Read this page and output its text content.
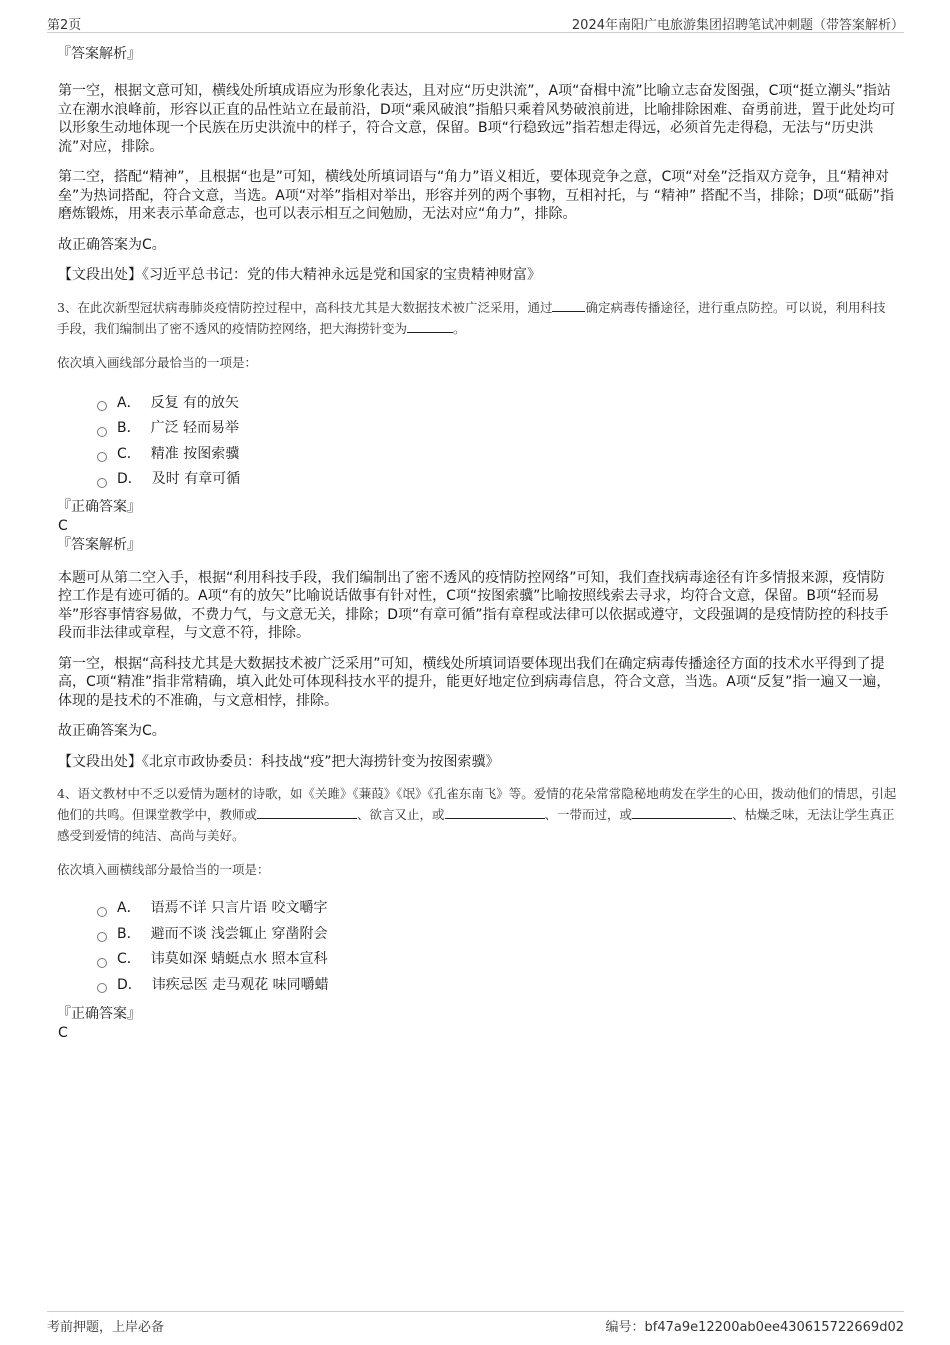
第2页	2024年南阳广电旅游集团招聘笔试冲刺题（带答案解析）

『答案解析』

第一空，根据文意可知，横线处所填成语应为形象化表达，且对应“历史洪流”，A项“奋楫中流”比喻立志奋发图强，C项“挺立潮头”指站立在潮水浪峰前，形容以正直的品性站立在最前沿，D项“乘风破浪”指船只乘着风势破浪前进，比喻排除困难、奋勇前进，置于此处均可以形象生动地体现一个民族在历史洪流中的样子，符合文意，保留。B项“行稳致远”指若想走得远，必须首先走得稳，无法与“历史洪流”对应，排除。

第二空，搭配“精神”，且根据“也是”可知，横线处所填词语与“角力”语义相近，要体现竞争之意，C项“对垒”泛指双方竞争，且“精神对垒”为热词搭配，符合文意，当选。A项“对举”指相对举出，形容并列的两个事物，互相衬托，与 “精神” 搭配不当，排除；D项“砥砺”指磨炼锻炼，用来表示革命意志，也可以表示相互之间勉励，无法对应“角力”，排除。

故正确答案为C。

【文段出处】《习近平总书记：党的伟大精神永远是党和国家的宝贵精神财富》

3、在此次新型冠状病毒肺炎疫情防控过程中，高科技尤其是大数据技术被广泛采用，通过	确定病毒传播途径，进行重点防控。可以说，利用科技手段，我们编制出了密不透风的疫情防控网络，把大海捞针变为	。

依次填入画线部分最恰当的一项是：

A． 反复 有的放矢
B． 广泛 轻而易举
C． 精准 按图索骥
D． 及时 有章可循

『正确答案』

C

『答案解析』

本题可从第二空入手，根据“利用科技手段，我们编制出了密不透风的疫情防控网络”可知，我们查找病毒途径有许多情报来源，疫情防控工作是有迹可循的。A项“有的放矢”比喻说话做事有针对性，C项“按图索骥”比喻按照线索去寻求，均符合文意，保留。B项“轻而易举”形容事情容易做，不费力气，与文意无关，排除；D项“有章可循”指有章程或法律可以依据或遵守，文段强调的是疫情防控的科技手段而非法律或章程，与文意不符，排除。

第一空，根据“高科技尤其是大数据技术被广泛采用”可知，横线处所填词语要体现出我们在确定病毒传播途径方面的技术水平得到了提高，C项“精准”指非常精确，填入此处可体现科技水平的提升，能更好地定位到病毒信息，符合文意，当选。A项“反复”指一遍又一遍，体现的是技术的不准确，与文意相悖，排除。

故正确答案为C。

【文段出处】《北京市政协委员：科技战“疫”把大海捞针变为按图索骥》

4、语文教材中不乏以爱情为题材的诗歌，如《关雎》《蒹葭》《氓》《孔雀东南飞》等。爱情的花朵常常隐秘地萌发在学生的心田，拨动他们的情思，引起他们的共鸣。但课堂教学中，教师或	、欲言又止，或	、一带而过，或	、枯燥乏味，无法让学生真正感受到爱情的纯洁、高尚与美好。

依次填入画横线部分最恰当的一项是：

A． 语焉不详 只言片语 咬文嚼字
B． 避而不谈 浅尝辄止 穿凿附会
C． 讳莫如深 蜻蜓点水 照本宣科
D． 讳疾忌医 走马观花 味同嚼蜡

『正确答案』

C

考前押题，上岸必备	编号：bf47a9e12200ab0ee430615722669d02
